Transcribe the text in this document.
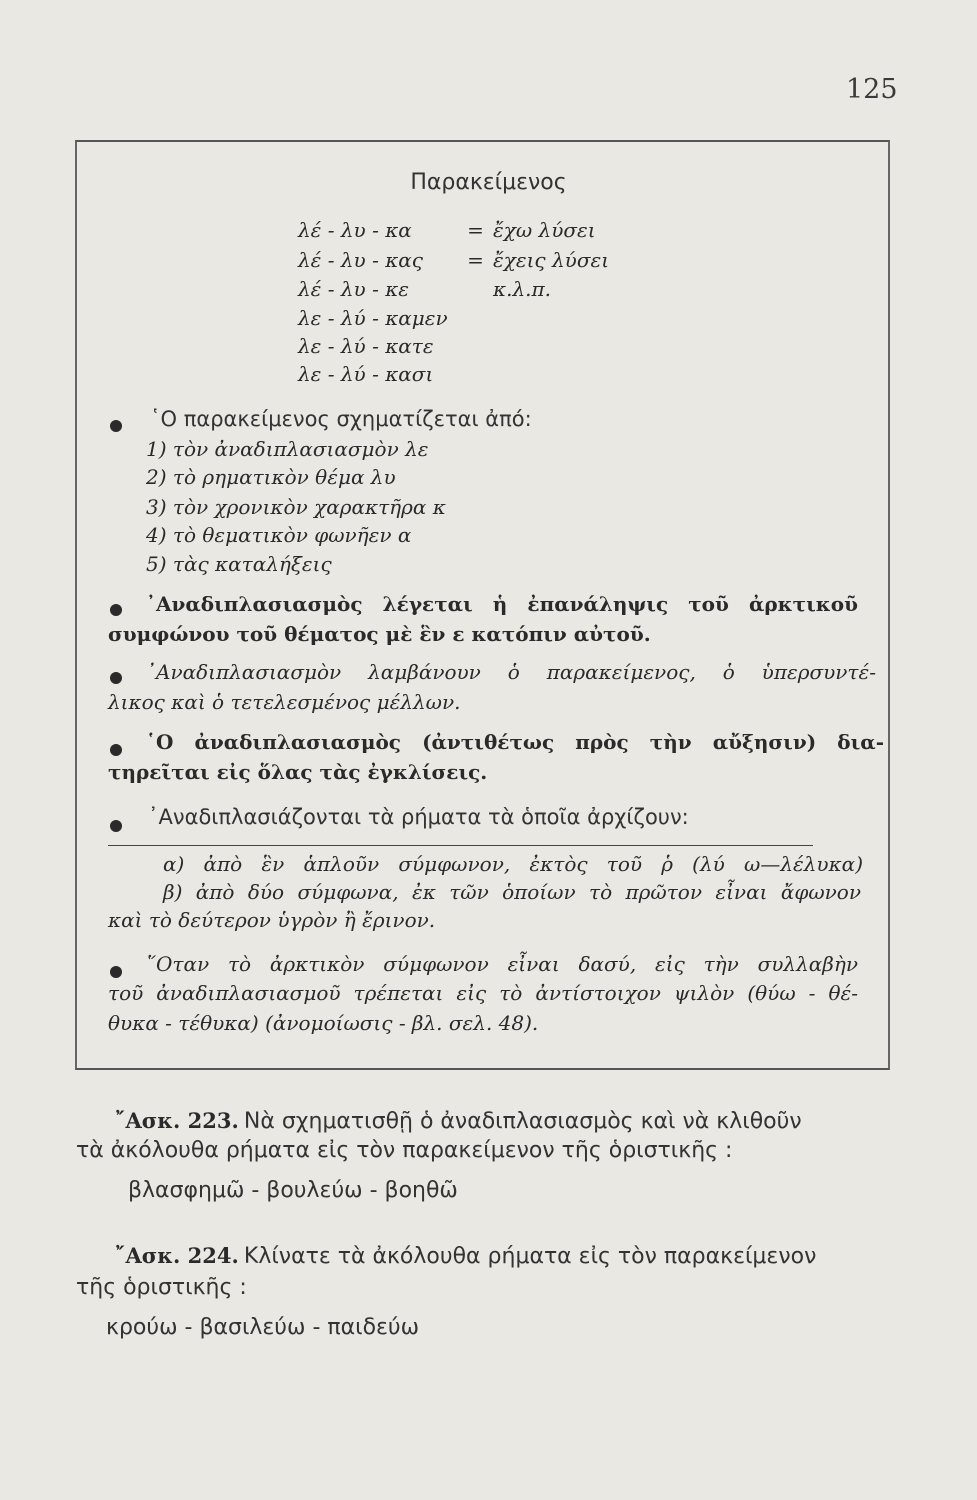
125
Παρακείμενος
λέ - λυ - κα	= ἔχω λύσει
λέ - λυ - κας = ἔχεις λύσει
λέ - λυ - κε	κ.λ.π.
λε - λύ - καμεν
λε - λύ - κατε
λε - λύ - κασι
῾Ο παρακείμενος σχηματίζεται ἀπό:
1) τὸν ἀναδιπλασιασμὸν λε
2) τὸ ρηματικὸν θέμα λυ
3) τὸν χρονικὸν χαρακτῆρα κ
4) τὸ θεματικὸν φωνῆεν α
5) τὰς καταλήξεις
᾿Αναδιπλασιασμὸς λέγεται ἡ ἐπανάληψις τοῦ ἀρκτικοῦ
συμφώνου τοῦ θέματος μὲ ἓν ε κατόπιν αὐτοῦ.
᾿Αναδιπλασιασμὸν λαμβάνουν ὁ παρακείμενος, ὁ ὑπερσυντέ-
λικος καὶ ὁ τετελεσμένος μέλλων.
῾Ο ἀναδιπλασιασμὸς (ἀντιθέτως πρὸς τὴν αὔξησιν) δια-
τηρεῖται εἰς ὅλας τὰς ἐγκλίσεις.
᾿Αναδιπλασιάζονται τὰ ρήματα τὰ ὁποῖα ἀρχίζουν:
α) ἀπὸ ἓν ἁπλοῦν σύμφωνον, ἐκτὸς τοῦ ῥ (λύ ω—λέλυκα)
β) ἀπὸ δύο σύμφωνα, ἐκ τῶν ὁποίων τὸ πρῶτον εἶναι ἄφωνον
καὶ τὸ δεύτερον ὑγρὸν ἢ ἔρινον.
῞Οταν τὸ ἀρκτικὸν σύμφωνον εἶναι δασύ, εἰς τὴν συλλαβὴν
τοῦ ἀναδιπλασιασμοῦ τρέπεται εἰς τὸ ἀντίστοιχον ψιλὸν (θύω - θέ-
θυκα - τέθυκα) (ἀνομοίωσις - βλ. σελ. 48).
῎Ασκ. 223. Νὰ σχηματισθῇ ὁ ἀναδιπλασιασμὸς καὶ νὰ κλιθοῦν
τὰ ἀκόλουθα ρήματα εἰς τὸν παρακείμενον τῆς ὁριστικῆς :
βλασφημῶ - βουλεύω - βοηθῶ
῎Ασκ. 224. Κλίνατε τὰ ἀκόλουθα ρήματα εἰς τὸν παρακείμενον
τῆς ὁριστικῆς :
κρούω - βασιλεύω - παιδεύω
